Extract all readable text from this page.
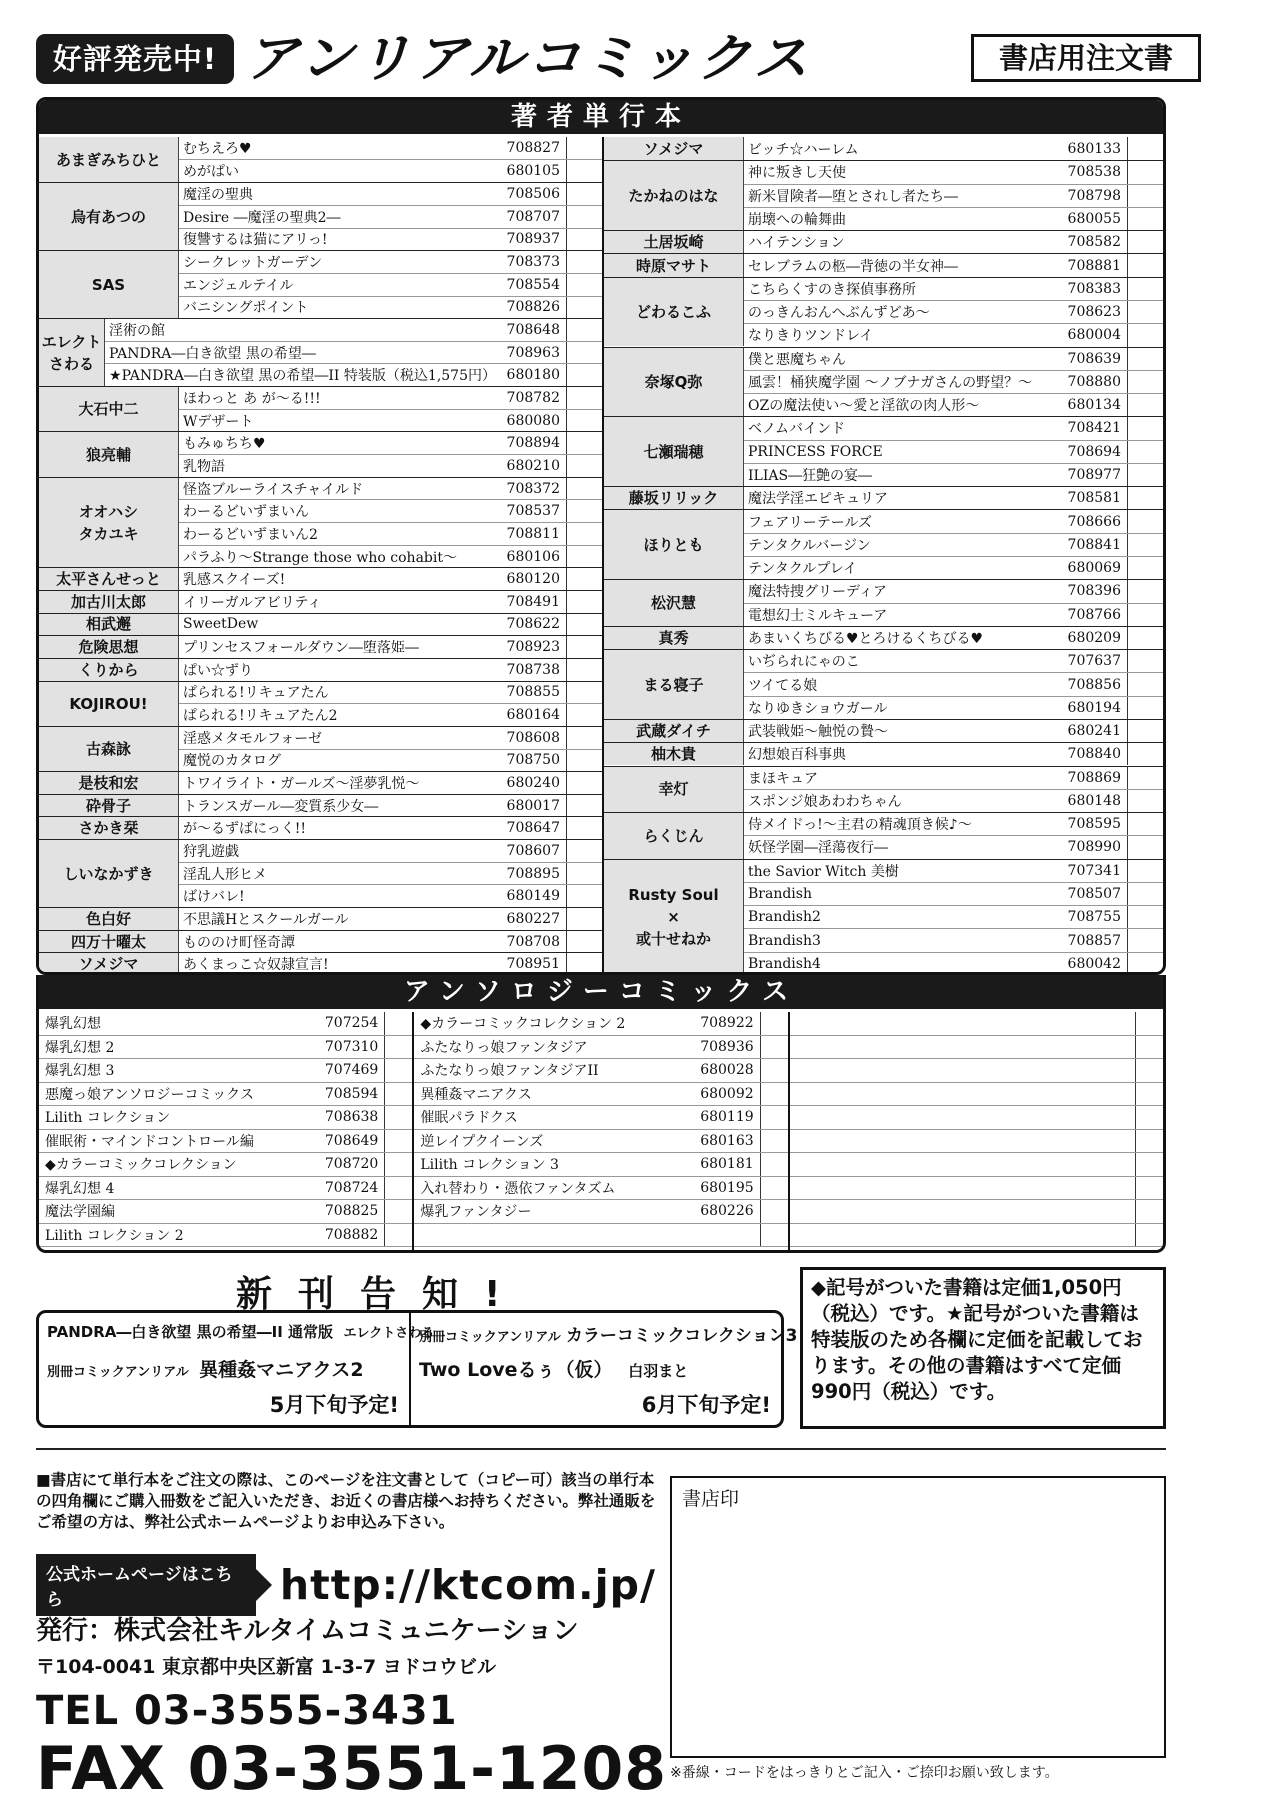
好評発売中! アンリアルコミックス	書店用注文書
著者単行本
あまぎみちひと
むちえろ♥	708827
めがぱい	680105
烏有あつの
魔淫の聖典	708506
Desire ―魔淫の聖典2―	708707
復讐するは猫にアリっ!	708937
SAS
シークレットガーデン	708373
エンジェルテイル	708554
バニシングポイント	708826
エレクトさわる
淫術の館	708648
PANDRA―白き欲望 黒の希望―	708963
★PANDRA―白き欲望 黒の希望―II 特装版（税込1,575円） 680180
大石中二
ほわっと あ が～る!!!	708782
Wデザート	680080
狼亮輔
もみゅちち♥	708894
乳物語	680210
オオハシ
タカユキ
怪盗ブルーライスチャイルド	708372
わーるどいずまいん	708537
わーるどいずまいん2	708811
パラふり～Strange those who cohabit～	680106
太平さんせっと	乳感スクイーズ!	680120
加古川太郎	イリーガルアビリティ	708491
相武邂	SweetDew	708622
危険思想	プリンセスフォールダウン―堕落姫―	708923
くりから	ぱい☆ずり	708738
KOJIROU!
ぱられる!リキュアたん	708855
ぱられる!リキュアたん2	680164
古森詠
淫惑メタモルフォーゼ	708608
魔悦のカタログ	708750
是枝和宏	トワイライト・ガールズ～淫夢乳悦～	680240
砕骨子	トランスガール―変質系少女―	680017
さかき栞	が～るずぱにっく!!	708647
しいなかずき
狩乳遊戯	708607
淫乱人形ヒメ	708895
ばけバレ!	680149
色白好	不思議Hとスクールガール	680227
四万十曜太	もののけ町怪奇譚	708708
ソメジマ	あくまっこ☆奴隷宣言!	708951
ソメジマ	ビッチ☆ハーレム	680133
たかねのはな
神に叛きし天使	708538
新米冒険者―堕とされし者たち―	708798
崩壊への輪舞曲	680055
土居坂崎	ハイテンション	708582
時原マサト	セレブラムの柩―背徳の半女神―	708881
どわるこふ
こちらくすのき探偵事務所	708383
のっきんおんへぶんずどあ～	708623
なりきりツンドレイ	680004
奈塚Q弥
僕と悪魔ちゃん	708639
風雲！桶狭魔学園 ～ノブナガさんの野望？～	708880
OZの魔法使い～愛と淫欲の肉人形～	680134
七瀬瑞穂
ベノムバインド	708421
PRINCESS FORCE	708694
ILIAS―狂艶の宴―	708977
藤坂リリック	魔法学淫エピキュリア	708581
ほりとも
フェアリーテールズ	708666
テンタクルバージン	708841
テンタクルプレイ	680069
松沢慧
魔法特捜グリーディア	708396
電想幻士ミルキューア	708766
真秀	あまいくちびる♥とろけるくちびる♥	680209
まる寝子
いぢられにゃのこ	707637
ツイてる娘	708856
なりゆきショウガール	680194
武蔵ダイチ	武装戦姫～触悦の贄～	680241
柚木貴	幻想娘百科事典	708840
幸灯
まほキュア	708869
スポンジ娘あわわちゃん	680148
らくじん
侍メイドっ!～主君の精魂頂き候♪～	708595
妖怪学園―淫蕩夜行―	708990
Rusty Soul
×
或十せねか
the Savior Witch 美樹	707341
Brandish	708507
Brandish2	708755
Brandish3	708857
Brandish4	680042
アンソロジーコミックス
爆乳幻想	707254
爆乳幻想 2	707310
爆乳幻想 3	707469
悪魔っ娘アンソロジーコミックス	708594
Lilith コレクション	708638
催眠術・マインドコントロール編	708649
◆カラーコミックコレクション	708720
爆乳幻想 4	708724
魔法学園編	708825
Lilith コレクション 2	708882
◆カラーコミックコレクション 2	708922
ふたなりっ娘ファンタジア	708936
ふたなりっ娘ファンタジアII	680028
異種姦マニアクス	680092
催眠パラドクス	680119
逆レイプクイーンズ	680163
Lilith コレクション 3	680181
入れ替わり・憑依ファンタズム	680195
爆乳ファンタジー	680226
新刊告知!
PANDRA―白き欲望 黒の希望―II 通常版 エレクトさわる
別冊コミックアンリアル 異種姦マニアクス2
5月下旬予定!
別冊コミックアンリアル カラーコミックコレクション3
Two Loveるぅ（仮） 白羽まと
6月下旬予定!
◆記号がついた書籍は定価1,050円（税込）です。★記号がついた書籍は特装版のため各欄に定価を記載しております。その他の書籍はすべて定価990円（税込）です。
■書店にて単行本をご注文の際は、このページを注文書として（コピー可）該当の単行本の四角欄にご購入冊数をご記入いただき、お近くの書店様へお持ちください。弊社通販をご希望の方は、弊社公式ホームページよりお申込み下さい。
公式ホームページはこちら	http://ktcom.jp/
発行：株式会社キルタイムコミュニケーション
〒104-0041 東京都中央区新富 1-3-7 ヨドコウビル
TEL 03-3555-3431
FAX 03-3551-1208
書店印
※番線・コードをはっきりとご記入・ご捺印お願い致します。
